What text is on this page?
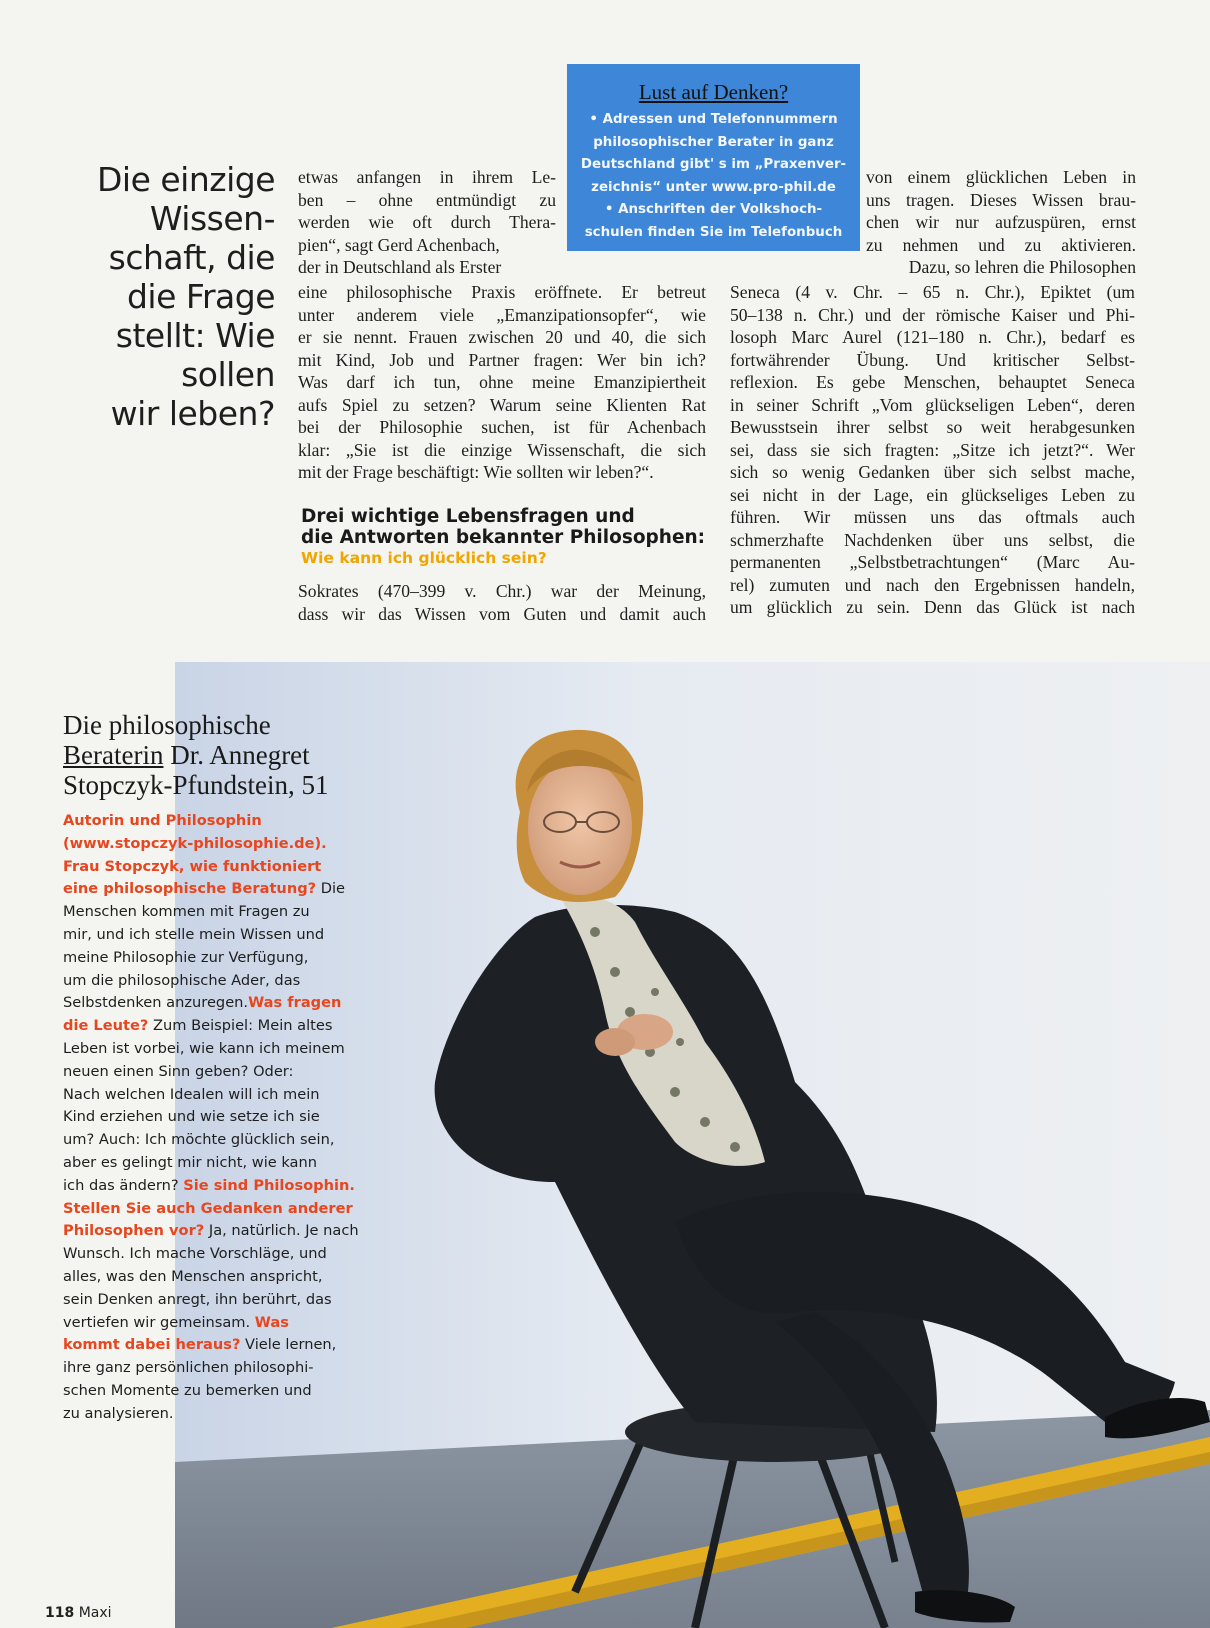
Die einzige
Wissen-
schaft, die
die Frage
stellt: Wie
sollen
wir leben?
Lust auf Denken?
• Adressen und Telefonnummern
philosophischer Berater in ganz
Deutschland gibt' s im „Praxenver-
zeichnis“ unter www.pro-phil.de
• Anschriften der Volkshoch-
schulen finden Sie im Telefonbuch
etwas anfangen in ihrem Le-
ben – ohne entmündigt zu
werden wie oft durch Thera-
pien“, sagt Gerd Achenbach,
der in Deutschland als Erster
eine philosophische Praxis eröffnete. Er betreut
unter anderem viele „Emanzipationsopfer“, wie
er sie nennt. Frauen zwischen 20 und 40, die sich
mit Kind, Job und Partner fragen: Wer bin ich?
Was darf ich tun, ohne meine Emanzipiertheit
aufs Spiel zu setzen? Warum seine Klienten Rat
bei der Philosophie suchen, ist für Achenbach
klar: „Sie ist die einzige Wissenschaft, die sich
mit der Frage beschäftigt: Wie sollten wir leben?“.
Drei wichtige Lebensfragen und
die Antworten bekannter Philosophen:
Wie kann ich glücklich sein?
Sokrates (470–399 v. Chr.) war der Meinung,
dass wir das Wissen vom Guten und damit auch
von einem glücklichen Leben in
uns tragen. Dieses Wissen brau-
chen wir nur aufzuspüren, ernst
zu nehmen und zu aktivieren.
Dazu, so lehren die Philosophen
Seneca (4 v. Chr. – 65 n. Chr.), Epiktet (um
50–138 n. Chr.) und der römische Kaiser und Phi-
losoph Marc Aurel (121–180 n. Chr.), bedarf es
fortwährender Übung. Und kritischer Selbst-
reflexion. Es gebe Menschen, behauptet Seneca
in seiner Schrift „Vom glückseligen Leben“, deren
Bewusstsein ihrer selbst so weit herabgesunken
sei, dass sie sich fragten: „Sitze ich jetzt?“. Wer
sich so wenig Gedanken über sich selbst mache,
sei nicht in der Lage, ein glückseliges Leben zu
führen. Wir müssen uns das oftmals auch
schmerzhafte Nachdenken über uns selbst, die
permanenten „Selbstbetrachtungen“ (Marc Au-
rel) zumuten und nach den Ergebnissen handeln,
um glücklich zu sein. Denn das Glück ist nach
Die philosophische
Beraterin Dr. Annegret
Stopczyk-Pfundstein, 51
Autorin und Philosophin
(www.stopczyk-philosophie.de).
Frau Stopczyk, wie funktioniert
eine philosophische Beratung? Die
Menschen kommen mit Fragen zu
mir, und ich stelle mein Wissen und
meine Philosophie zur Verfügung,
um die philosophische Ader, das
Selbstdenken anzuregen.Was fragen
die Leute? Zum Beispiel: Mein altes
Leben ist vorbei, wie kann ich meinem
neuen einen Sinn geben? Oder:
Nach welchen Idealen will ich mein
Kind erziehen und wie setze ich sie
um? Auch: Ich möchte glücklich sein,
aber es gelingt mir nicht, wie kann
ich das ändern? Sie sind Philosophin.
Stellen Sie auch Gedanken anderer
Philosophen vor? Ja, natürlich. Je nach
Wunsch. Ich mache Vorschläge, und
alles, was den Menschen anspricht,
sein Denken anregt, ihn berührt, das
vertiefen wir gemeinsam. Was
kommt dabei heraus? Viele lernen,
ihre ganz persönlichen philosophi-
schen Momente zu bemerken und
zu analysieren.
118 Maxi
